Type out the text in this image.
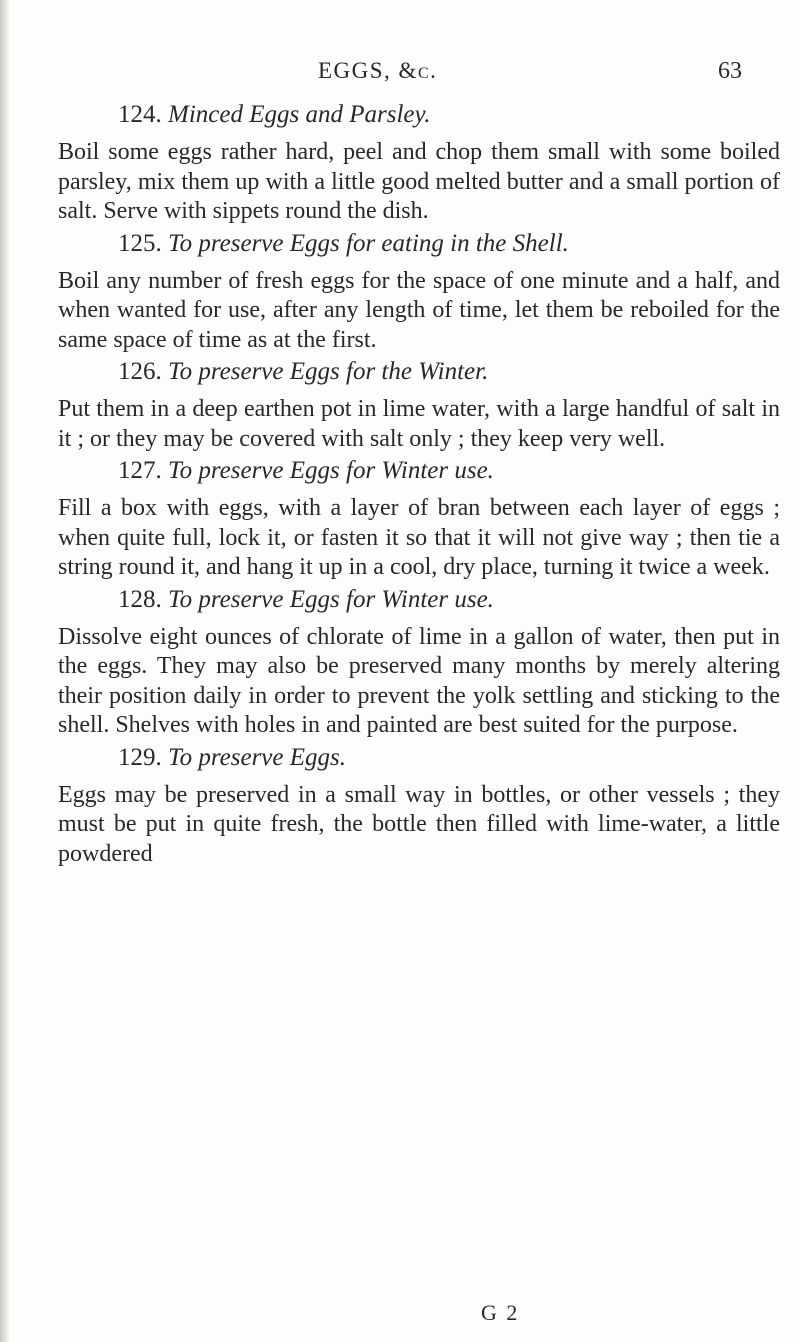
EGGS, &c.	63
124. Minced Eggs and Parsley.

Boil some eggs rather hard, peel and chop them small with some boiled parsley, mix them up with a little good melted butter and a small portion of salt. Serve with sippets round the dish.

125. To preserve Eggs for eating in the Shell.

Boil any number of fresh eggs for the space of one minute and a half, and when wanted for use, after any length of time, let them be reboiled for the same space of time as at the first.

126. To preserve Eggs for the Winter.

Put them in a deep earthen pot in lime water, with a large handful of salt in it ; or they may be covered with salt only ; they keep very well.

127. To preserve Eggs for Winter use.

Fill a box with eggs, with a layer of bran between each layer of eggs ; when quite full, lock it, or fasten it so that it will not give way ; then tie a string round it, and hang it up in a cool, dry place, turning it twice a week.

128. To preserve Eggs for Winter use.

Dissolve eight ounces of chlorate of lime in a gallon of water, then put in the eggs. They may also be preserved many months by merely altering their position daily in order to prevent the yolk settling and sticking to the shell. Shelves with holes in and painted are best suited for the purpose.

129. To preserve Eggs.

Eggs may be preserved in a small way in bottles, or other vessels ; they must be put in quite fresh, the bottle then filled with lime-water, a little powdered

G 2
